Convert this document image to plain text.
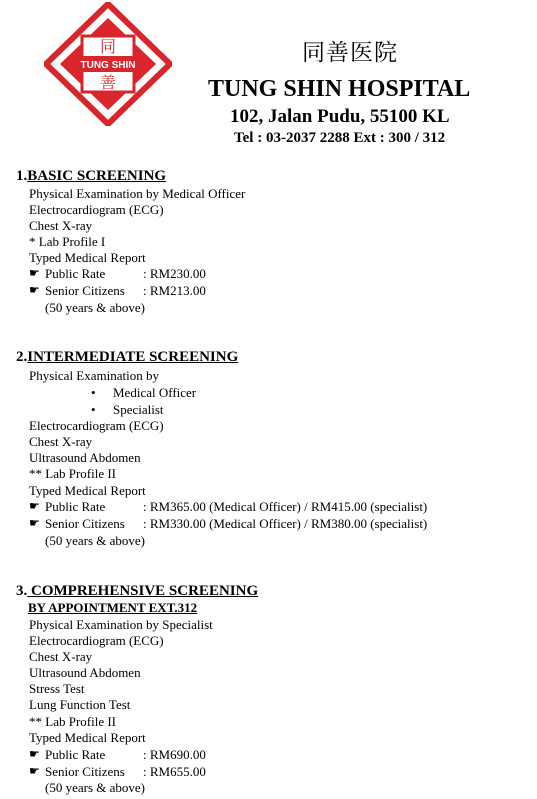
同
TUNG SHIN
善
同善医院
TUNG SHIN HOSPITAL
102, Jalan Pudu, 55100 KL
Tel : 03-2037 2288 Ext : 300 / 312
1.BASIC SCREENING
Physical Examination by Medical Officer
Electrocardiogram (ECG)
Chest X-ray
* Lab Profile I
Typed Medical Report
☛ Public Rate	: RM230.00
☛ Senior Citizens : RM213.00
(50 years & above)
2.INTERMEDIATE SCREENING
Physical Examination by
• Medical Officer
• Specialist
Electrocardiogram (ECG)
Chest X-ray
Ultrasound Abdomen
** Lab Profile II
Typed Medical Report
☛ Public Rate	: RM365.00 (Medical Officer) / RM415.00 (specialist)
☛ Senior Citizens : RM330.00 (Medical Officer) / RM380.00 (specialist)
(50 years & above)
3. COMPREHENSIVE SCREENING
BY APPOINTMENT EXT.312
Physical Examination by Specialist
Electrocardiogram (ECG)
Chest X-ray
Ultrasound Abdomen
Stress Test
Lung Function Test
** Lab Profile II
Typed Medical Report
☛ Public Rate	: RM690.00
☛ Senior Citizens : RM655.00
(50 years & above)
